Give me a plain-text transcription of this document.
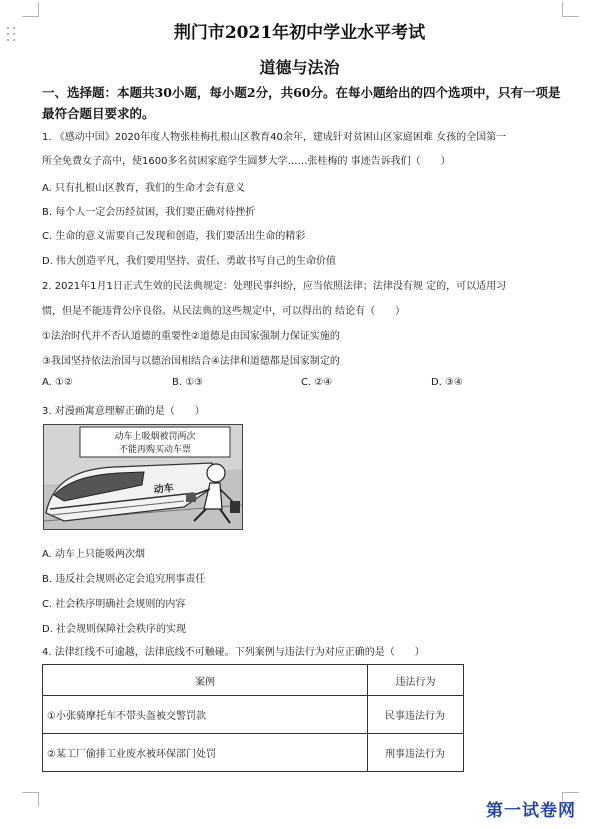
荆门市2021年初中学业水平考试
道德与法治
一、选择题：本题共30小题，每小题2分，共60分。在每小题给出的四个选项中，只有一项是最符合题目要求的。
1. 《感动中国》2020年度人物张桂梅扎根山区教育40余年，建成针对贫困山区家庭困难 女孩的全国第一
所全免费女子高中，使1600多名贫困家庭学生圆梦大学……张桂梅的 事迹告诉我们（　　）
A. 只有扎根山区教育，我们的生命才会有意义
B. 每个人一定会历经贫困，我们要正确对待挫折
C. 生命的意义需要自己发现和创造，我们要活出生命的精彩
D. 伟大创造平凡，我们要用坚持、责任、勇敢书写自己的生命价值
2. 2021年1月1日正式生效的民法典规定：处理民事纠纷，应当依照法律；法律没有规 定的，可以适用习
惯，但是不能违背公序良俗。从民法典的这些规定中，可以得出的 结论有（　　）
①法治时代并不否认道德的重要性②道德是由国家强制力保证实施的
③我国坚持依法治国与以德治国相结合④法律和道德都是国家制定的
A. ①②	B. ①③	C. ②④	D. ③④
3. 对漫画寓意理解正确的是（　　）
动车上吸烟被罚两次
不能再购买动车票
动车
A. 动车上只能吸两次烟
B. 违反社会规则必定会追究刑事责任
C. 社会秩序明确社会规则的内容
D. 社会规则保障社会秩序的实现
4. 法律红线不可逾越，法律底线不可触碰。下列案例与违法行为对应正确的是（　　）
案例	违法行为
①小张骑摩托车不带头盔被交警罚款	民事违法行为
②某工厂偷排工业废水被环保部门处罚	刑事违法行为
第一试卷网
